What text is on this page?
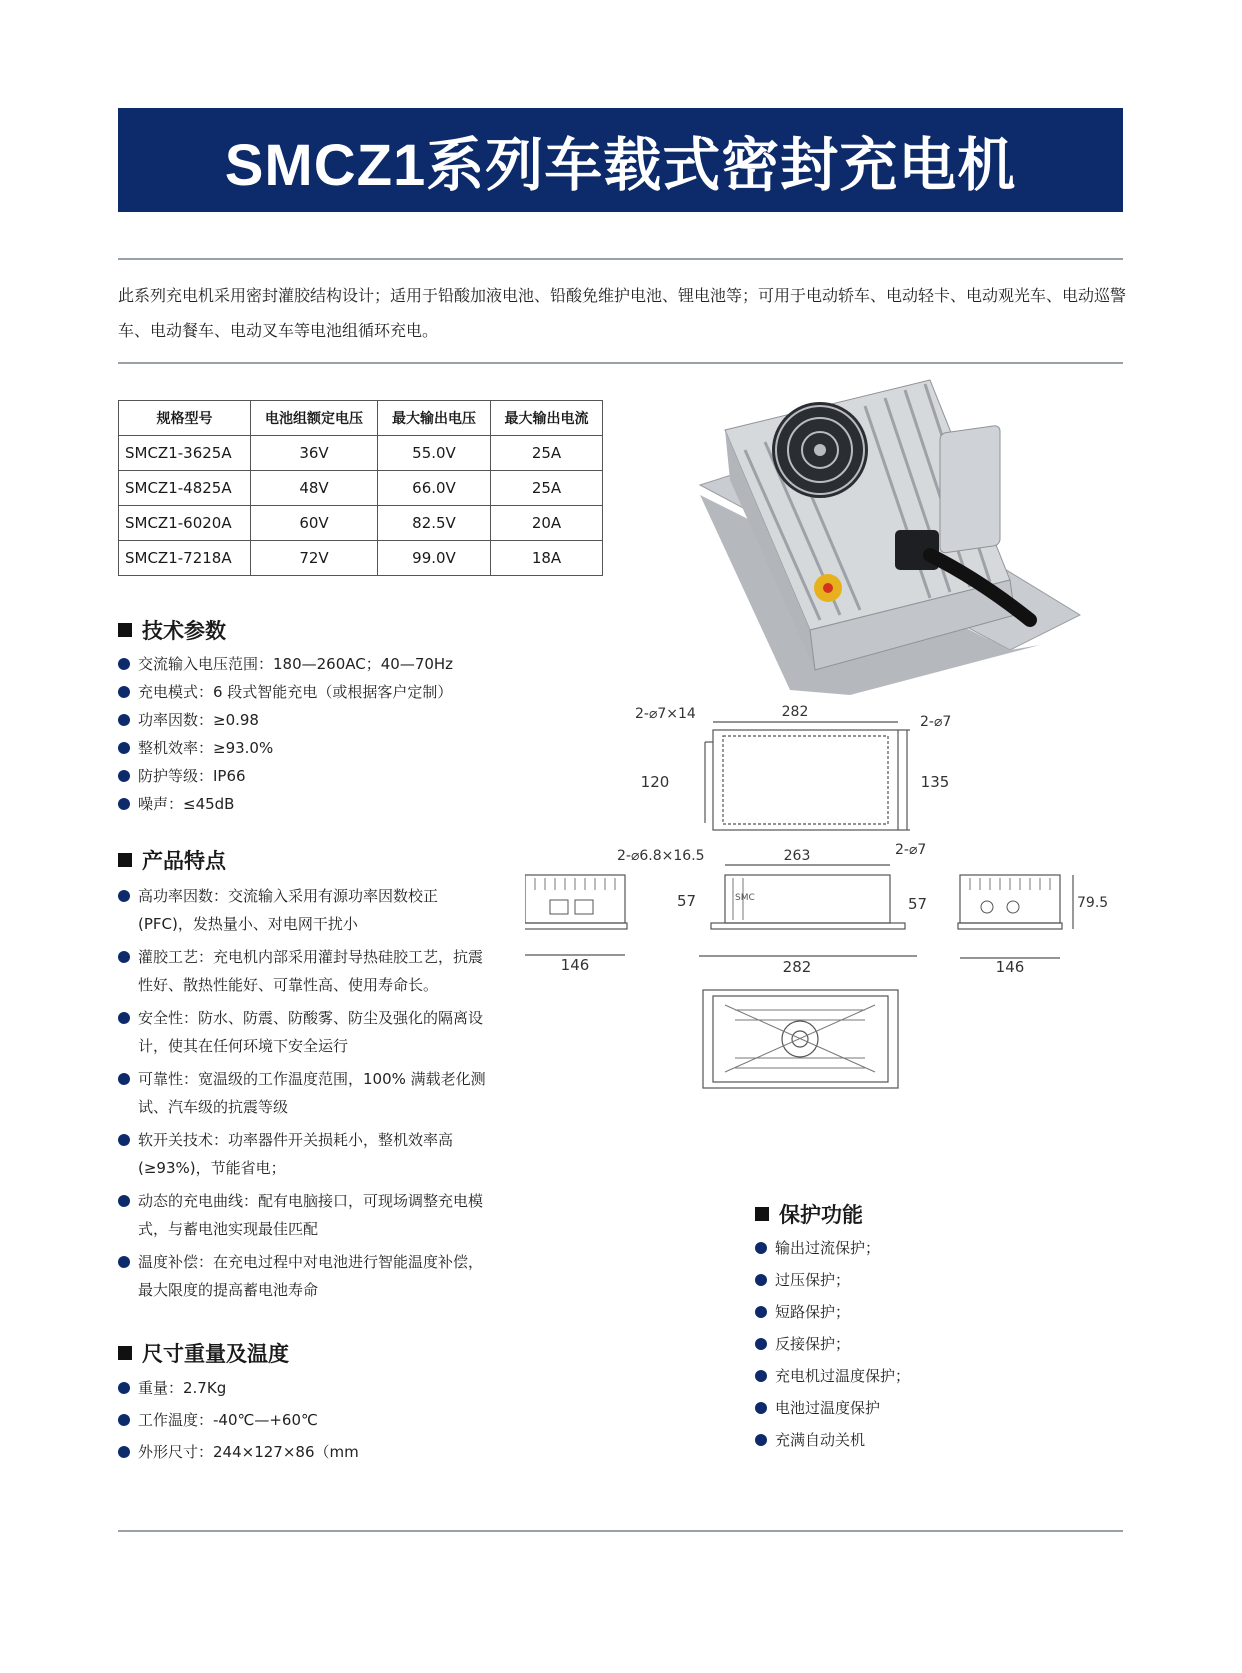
SMCZ1系列车载式密封充电机

此系列充电机采用密封灌胶结构设计；适用于铅酸加液电池、铅酸免维护电池、锂电池等；可用于电动轿车、电动轻卡、电动观光车、电动巡警车、电动餐车、电动叉车等电池组循环充电。

规格型号	电池组额定电压	最大输出电压	最大输出电流
SMCZ1-3625A	36V	55.0V	25A
SMCZ1-4825A	48V	66.0V	25A
SMCZ1-6020A	60V	82.5V	20A
SMCZ1-7218A	72V	99.0V	18A
2-⌀7×14	282
2-⌀7
120	135
2-⌀6.8×16.5	263	2-⌀7
57	57
282
146	146
79.5
SMC
技术参数
交流输入电压范围：180—260AC；40—70Hz
充电模式：6 段式智能充电（或根据客户定制）
功率因数：≥0.98
整机效率：≥93.0%
防护等级：IP66
噪声：≤45dB
产品特点
高功率因数：交流输入采用有源功率因数校正(PFC)，发热量小、对电网干扰小
灌胶工艺：充电机内部采用灌封导热硅胶工艺，抗震性好、散热性能好、可靠性高、使用寿命长。
安全性：防水、防震、防酸雾、防尘及强化的隔离设计，使其在任何环境下安全运行
可靠性：宽温级的工作温度范围，100% 满载老化测试、汽车级的抗震等级
软开关技术：功率器件开关损耗小，整机效率高(≥93%)，节能省电；
动态的充电曲线：配有电脑接口，可现场调整充电模式，与蓄电池实现最佳匹配
温度补偿：在充电过程中对电池进行智能温度补偿，最大限度的提高蓄电池寿命
尺寸重量及温度
重量：2.7Kg
工作温度：-40℃—+60℃
外形尺寸：244×127×86（mm
保护功能
输出过流保护；
过压保护；
短路保护；
反接保护；
充电机过温度保护；
电池过温度保护
充满自动关机
